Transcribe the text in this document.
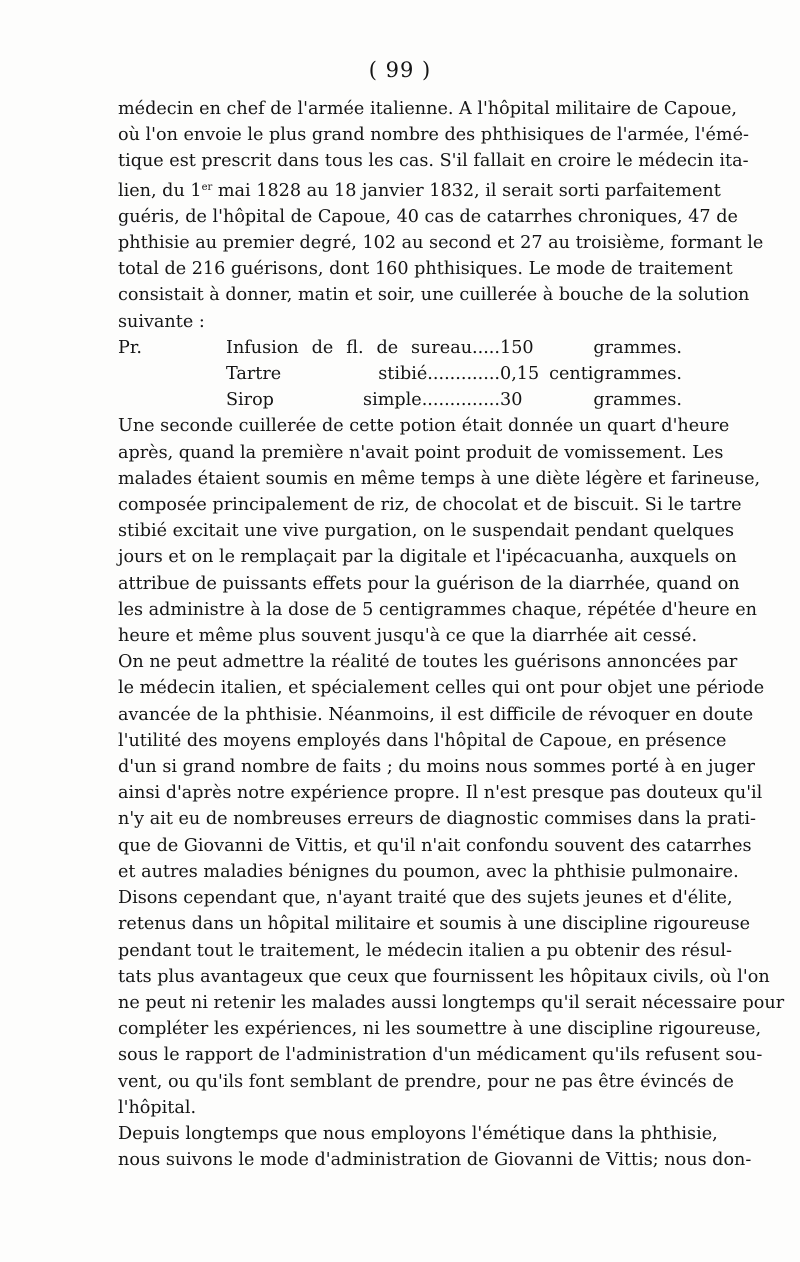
( 99 )

médecin en chef de l'armée italienne. A l'hôpital militaire de Capoue,
où l'on envoie le plus grand nombre des phthisiques de l'armée, l'émé-
tique est prescrit dans tous les cas. S'il fallait en croire le médecin ita-
lien, du 1er mai 1828 au 18 janvier 1832, il serait sorti parfaitement
guéris, de l'hôpital de Capoue, 40 cas de catarrhes chroniques, 47 de
phthisie au premier degré, 102 au second et 27 au troisième, formant le
total de 216 guérisons, dont 160 phthisiques. Le mode de traitement
consistait à donner, matin et soir, une cuillerée à bouche de la solution
suivante :

Pr.	Infusion de fl. de sureau..... 150 grammes.
Tartre stibié............. 0,15 centigrammes.
Sirop simple.............. 30 grammes.

Une seconde cuillerée de cette potion était donnée un quart d'heure
après, quand la première n'avait point produit de vomissement. Les
malades étaient soumis en même temps à une diète légère et farineuse,
composée principalement de riz, de chocolat et de biscuit. Si le tartre
stibié excitait une vive purgation, on le suspendait pendant quelques
jours et on le remplaçait par la digitale et l'ipécacuanha, auxquels on
attribue de puissants effets pour la guérison de la diarrhée, quand on
les administre à la dose de 5 centigrammes chaque, répétée d'heure en
heure et même plus souvent jusqu'à ce que la diarrhée ait cessé.

On ne peut admettre la réalité de toutes les guérisons annoncées par
le médecin italien, et spécialement celles qui ont pour objet une période
avancée de la phthisie. Néanmoins, il est difficile de révoquer en doute
l'utilité des moyens employés dans l'hôpital de Capoue, en présence
d'un si grand nombre de faits ; du moins nous sommes porté à en juger
ainsi d'après notre expérience propre. Il n'est presque pas douteux qu'il
n'y ait eu de nombreuses erreurs de diagnostic commises dans la prati-
que de Giovanni de Vittis, et qu'il n'ait confondu souvent des catarrhes
et autres maladies bénignes du poumon, avec la phthisie pulmonaire.
Disons cependant que, n'ayant traité que des sujets jeunes et d'élite,
retenus dans un hôpital militaire et soumis à une discipline rigoureuse
pendant tout le traitement, le médecin italien a pu obtenir des résul-
tats plus avantageux que ceux que fournissent les hôpitaux civils, où l'on
ne peut ni retenir les malades aussi longtemps qu'il serait nécessaire pour
compléter les expériences, ni les soumettre à une discipline rigoureuse,
sous le rapport de l'administration d'un médicament qu'ils refusent sou-
vent, ou qu'ils font semblant de prendre, pour ne pas être évincés de
l'hôpital.

Depuis longtemps que nous employons l'émétique dans la phthisie,
nous suivons le mode d'administration de Giovanni de Vittis; nous don-
